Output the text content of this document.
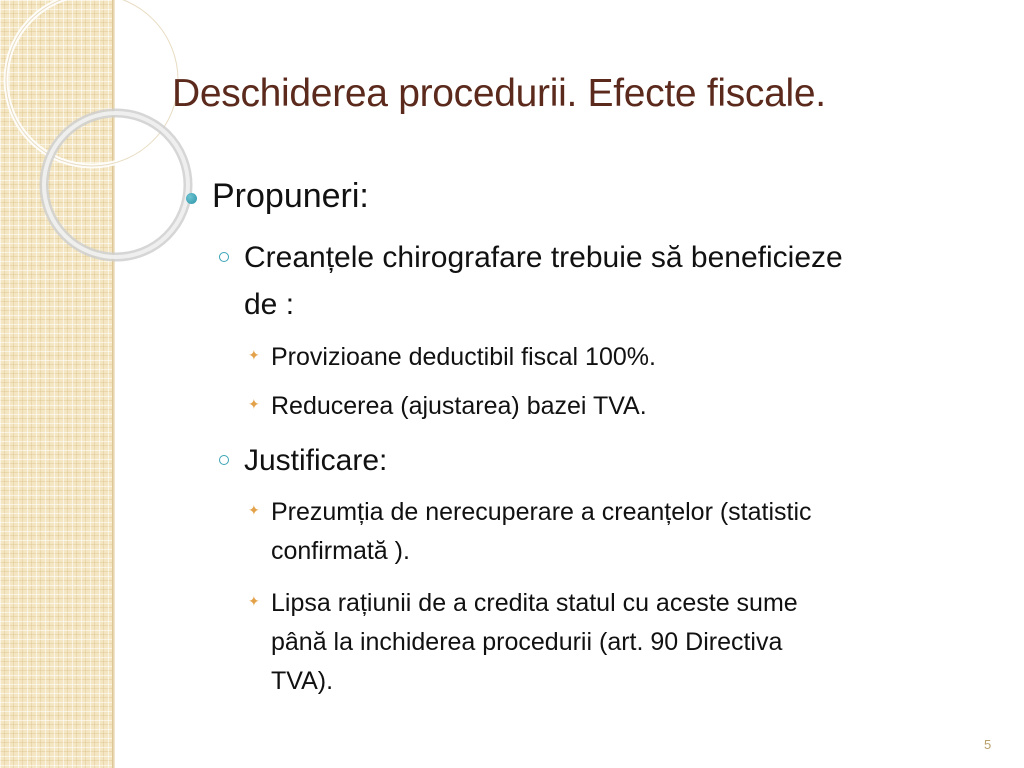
Deschiderea procedurii. Efecte fiscale.
Propuneri:
Creanțele chirografare trebuie să beneficieze
de :
✦ Provizioane deductibil fiscal 100%.
✦ Reducerea (ajustarea) bazei TVA.
Justificare:
✦ Prezumția de nerecuperare a creanțelor (statistic
confirmată ).
✦ Lipsa rațiunii de a credita statul cu aceste sume
până la inchiderea procedurii (art. 90 Directiva
TVA).
5
